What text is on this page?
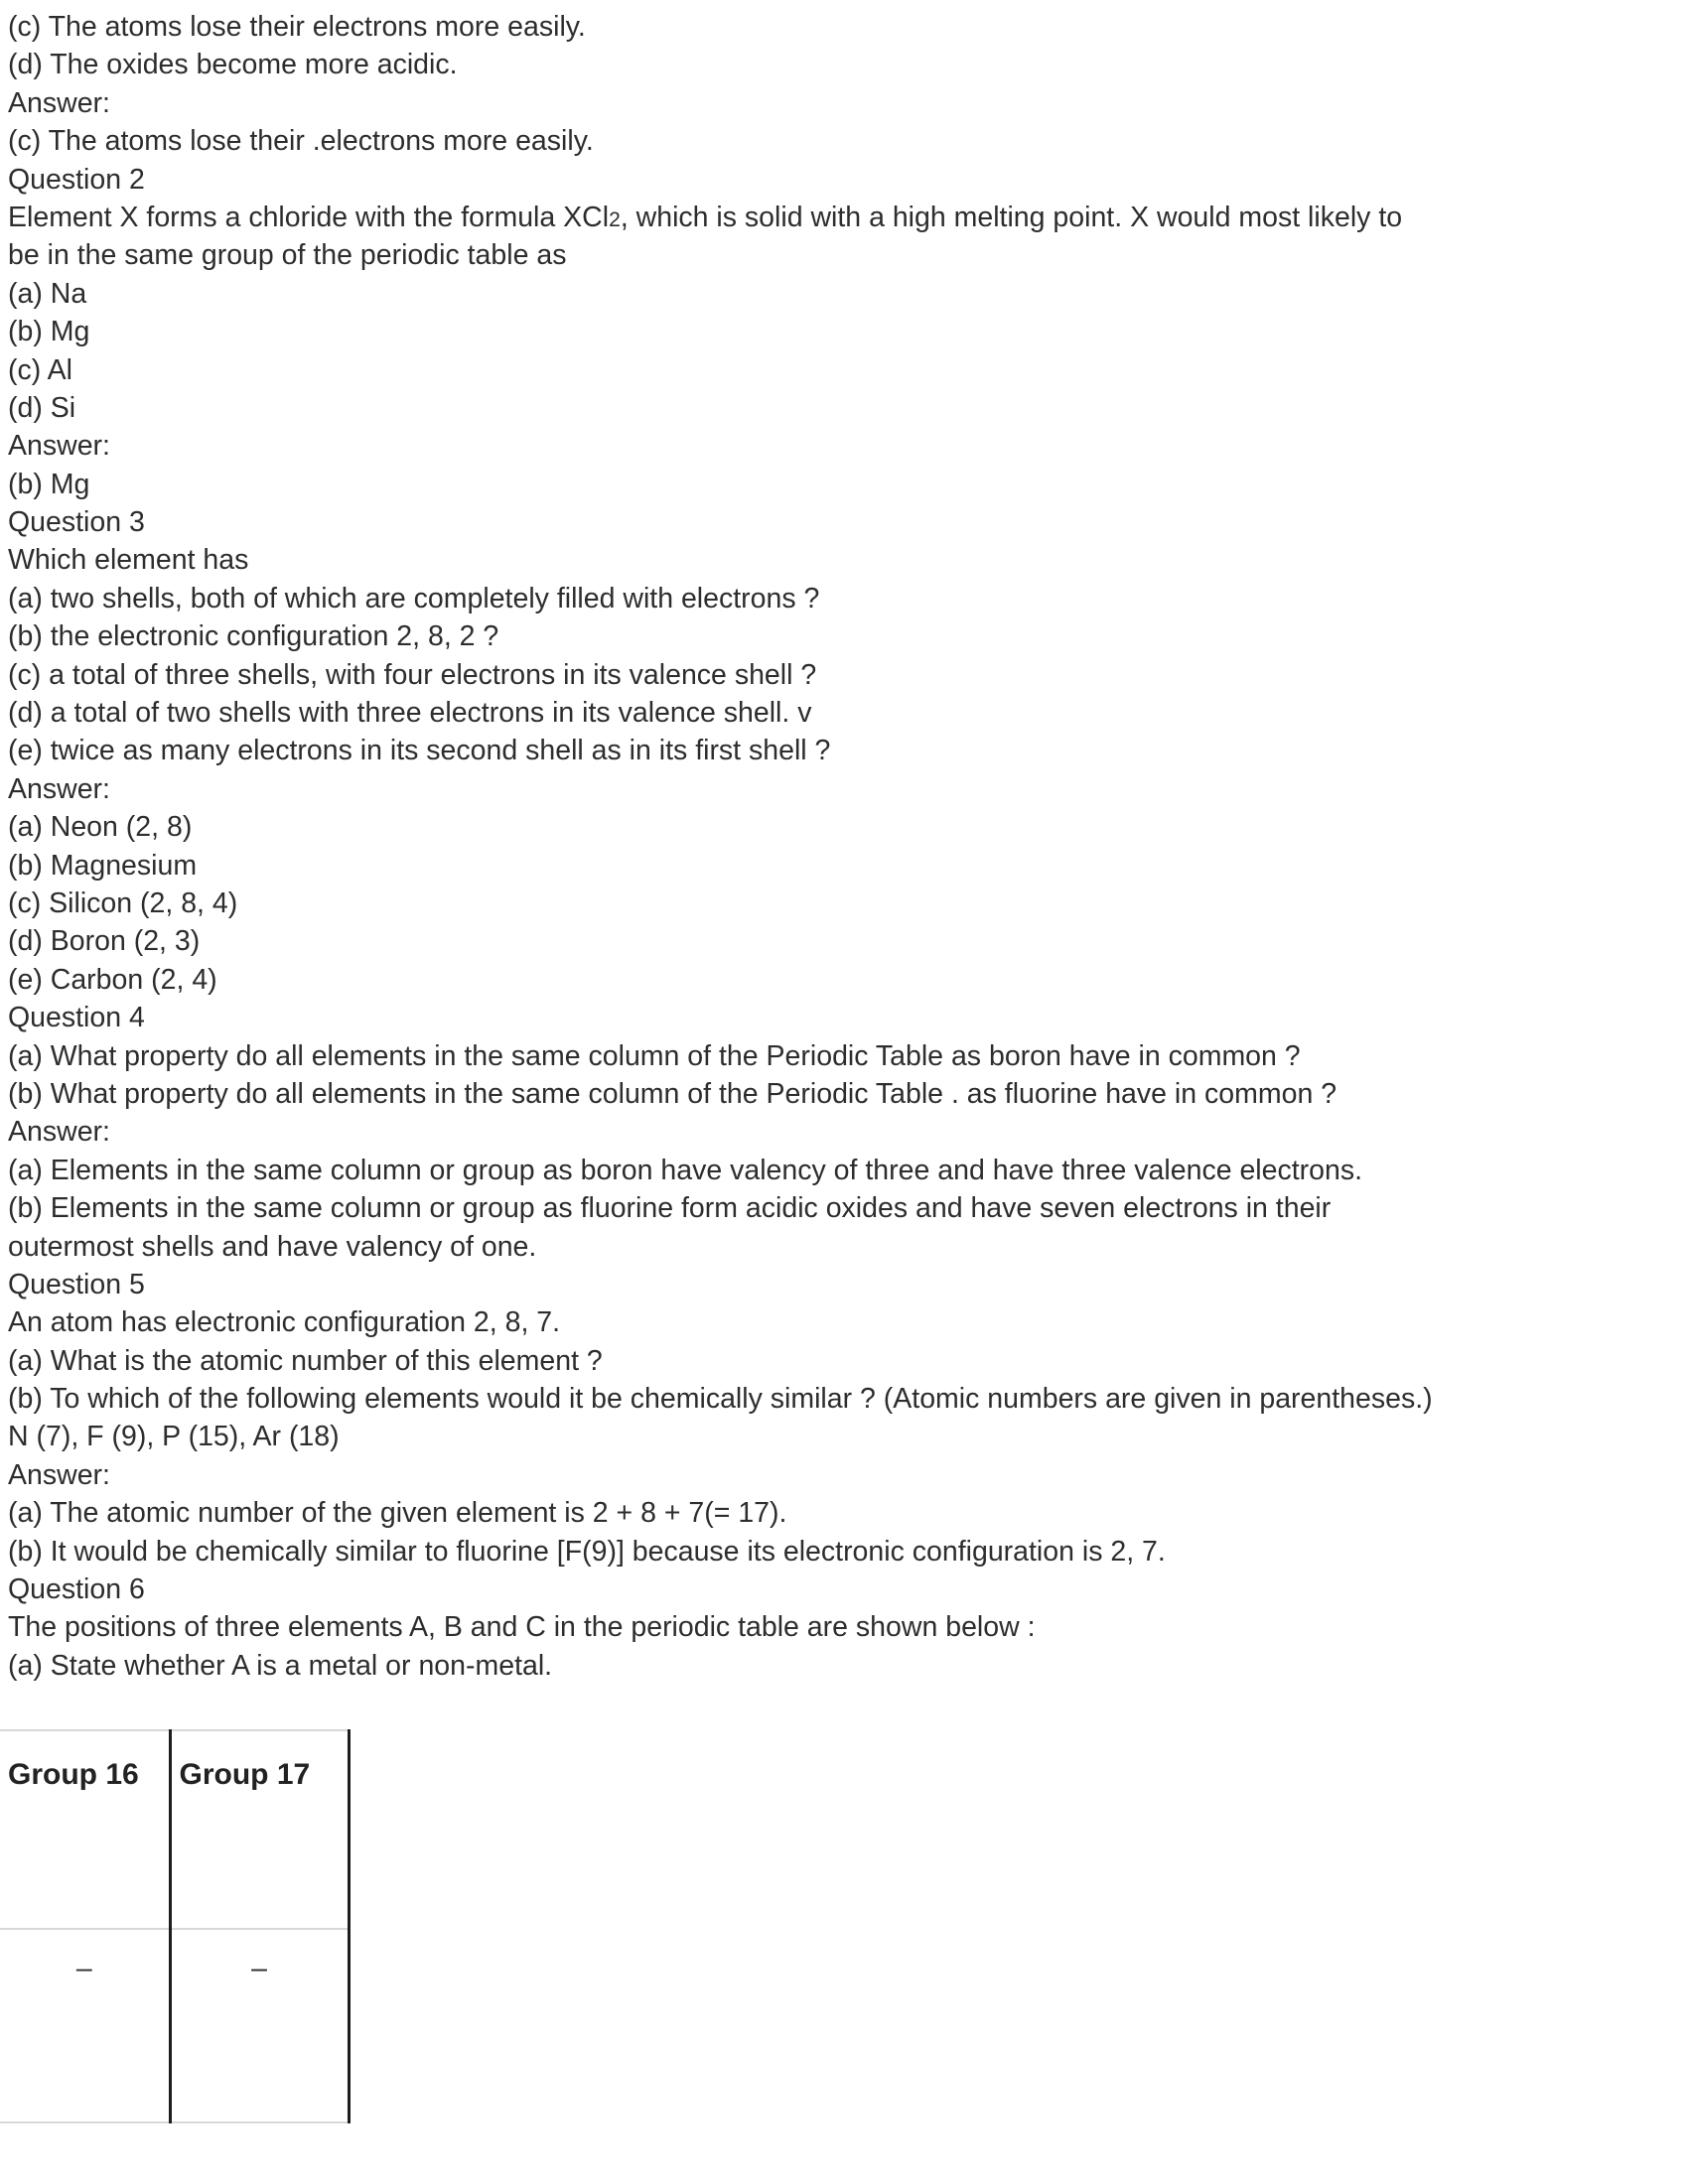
(c) The atoms lose their electrons more easily.
(d) The oxides become more acidic.
Answer:
(c) The atoms lose their .electrons more easily.
Question 2
Element X forms a chloride with the formula XCl2, which is solid with a high melting point. X would most likely to
be in the same group of the periodic table as
(a) Na
(b) Mg
(c) Al
(d) Si
Answer:
(b) Mg
Question 3
Which element has
(a) two shells, both of which are completely filled with electrons ?
(b) the electronic configuration 2, 8, 2 ?
(c) a total of three shells, with four electrons in its valence shell ?
(d) a total of two shells with three electrons in its valence shell. v
(e) twice as many electrons in its second shell as in its first shell ?
Answer:
(a) Neon (2, 8)
(b) Magnesium
(c) Silicon (2, 8, 4)
(d) Boron (2, 3)
(e) Carbon (2, 4)
Question 4
(a) What property do all elements in the same column of the Periodic Table as boron have in common ?
(b) What property do all elements in the same column of the Periodic Table . as fluorine have in common ?
Answer:
(a) Elements in the same column or group as boron have valency of three and have three valence electrons.
(b) Elements in the same column or group as fluorine form acidic oxides and have seven electrons in their
outermost shells and have valency of one.
Question 5
An atom has electronic configuration 2, 8, 7.
(a) What is the atomic number of this element ?
(b) To which of the following elements would it be chemically similar ? (Atomic numbers are given in parentheses.)
N (7), F (9), P (15), Ar (18)
Answer:
(a) The atomic number of the given element is 2 + 8 + 7(= 17).
(b) It would be chemically similar to fluorine [F(9)] because its electronic configuration is 2, 7.
Question 6
The positions of three elements A, B and C in the periodic table are shown below :
(a) State whether A is a metal or non-metal.
Group 16	Group 17
–	–
